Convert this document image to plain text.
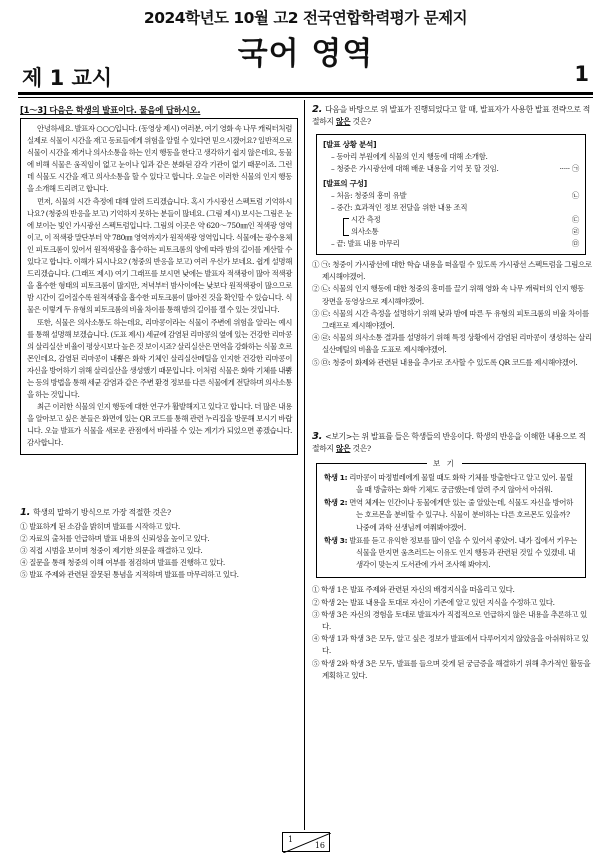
2024학년도 10월 고2 전국연합학력평가 문제지
국어 영역
제 1 교시	1
[1～3] 다음은 학생의 발표이다. 물음에 답하시오.

안녕하세요. 발표자 ○○○입니다. (동영상 제시) 여러분, 여기 영화 속 나무 캐릭터처럼 실제로 식물이 시간을 재고 동료들에게 위험을 알릴 수 있다면 믿으시겠어요? 일반적으로 식물이 시간을 재거나 의사소통을 하는 인지 행동을 한다고 생각하기 쉽지 않은데요, 동물에 비해 식물은 움직임이 없고 눈이나 입과 같은 분화된 감각 기관이 없기 때문이죠. 그런데 식물도 시간을 재고 의사소통을 할 수 있다고 합니다. 오늘은 이러한 식물의 인지 행동을 소개해 드리려고 합니다.

먼저, 식물의 시간 측정에 대해 알려 드리겠습니다. 혹시 가시광선 스펙트럼 기억하시나요? (청중의 반응을 보고) 기억하지 못하는 분들이 많네요. (그림 제시) 보시는 그림은 눈에 보이는 빛인 가시광선 스펙트럼입니다. 그림의 이곳은 약 620～750㎚인 적색광 영역이고, 이 적색광 말단부터 약 780㎚ 영역까지가 원적색광 영역입니다. 식물에는 광수용체인 피토크롬이 있어서 원적색광을 흡수하는 피토크롬의 양에 따라 밤의 길이를 계산할 수 있다고 합니다. 이해가 되시나요? (청중의 반응을 보고) 여러 우신가 보네요. 쉽게 설명해 드리겠습니다. (그래프 제시) 여기 그래프를 보시면 낮에는 발표자 적색광이 많아 적색광을 흡수한 형태의 피토크롬이 많지만, 저녁부터 밤사이에는 낮보다 원적색광이 많으므로 밤 시간이 길어질수록 원적색광을 흡수한 피토크롬이 많아진 것을 확인할 수 있습니다. 식물은 이렇게 두 유형의 피토크롬의 비율 차이를 통해 밤의 길이를 잴 수 있는 것입니다.

또한, 식물은 의사소통도 하는데요, 리마콩이라는 식물이 주변에 위험을 알리는 예시를 통해 설명해 보겠습니다. (도표 제시) 세균에 감염된 리마콩의 옆에 있는 건강한 리마콩의 살리실산 비율이 평상시보다 높은 것 보이시죠? 살리실산은 면역을 강화하는 식물 호르몬인데요, 감염된 리마콩이 내뿜은 화학 기체인 살리실산메틸을 인지한 건강한 리마콩이 자신을 방어하기 위해 살리실산을 생성했기 때문입니다. 이처럼 식물은 화학 기체를 내뿜는 등의 방법을 통해 세균 감염과 같은 주변 환경 정보를 다른 식물에게 전달하며 의사소통을 하는 것입니다.

최근 이러한 식물의 인지 행동에 대한 연구가 활발해지고 있다고 합니다. 더 많은 내용을 알아보고 싶은 분들은 화면에 있는 QR 코드를 통해 관련 누리집을 방문해 보시기 바랍니다. 오늘 발표가 식물을 새로운 관점에서 바라볼 수 있는 계기가 되었으면 좋겠습니다. 감사합니다.

1. 학생의 말하기 방식으로 가장 적절한 것은?
① 발표하게 된 소감을 밝히며 발표를 시작하고 있다.
② 자료의 출처를 언급하며 발표 내용의 신뢰성을 높이고 있다.
③ 직접 시범을 보이며 청중이 제기한 의문을 해결하고 있다.
④ 질문을 통해 청중의 이해 여부를 점검하며 발표를 진행하고 있다.
⑤ 발표 주제와 관련된 잘못된 통념을 지적하며 발표를 마무리하고 있다.
2. 다음을 바탕으로 위 발표가 진행되었다고 할 때, 발표자가 사용한 발표 전략으로 적절하지 않은 것은?
[발표 상황 분석]
– 동아리 부원에게 식물의 인지 행동에 대해 소개함.
– 청중은 가시광선에 대해 배운 내용을 기억 못 할 것임.	····· ㉠
[발표의 구성]
– 처음: 청중의 흥미 유발	㉡
– 중간: 효과적인 정보 전달을 위한 내용 조직
시간 측정	㉢
의사소통	㉣
– 끝: 발표 내용 마무리	㉤
① ㉠: 청중이 가시광선에 대한 학습 내용을 떠올릴 수 있도록 가시광선 스펙트럼을 그림으로 제시해야겠어.
② ㉡: 식물의 인지 행동에 대한 청중의 흥미를 끌기 위해 영화 속 나무 캐릭터의 인지 행동 장면을 동영상으로 제시해야겠어.
③ ㉢: 식물의 시간 측정을 설명하기 위해 낮과 밤에 따른 두 유형의 피토크롬의 비율 차이를 그래프로 제시해야겠어.
④ ㉣: 식물의 의사소통 결과를 설명하기 위해 특정 상황에서 감염된 리마콩이 생성하는 살리실산메틸의 비율을 도표로 제시해야겠어.
⑤ ㉤: 청중이 화제와 관련된 내용을 추가로 조사할 수 있도록 QR 코드를 제시해야겠어.
3. <보기>는 위 발표를 들은 학생들의 반응이다. 학생의 반응을 이해한 내용으로 적절하지 않은 것은?
보 기
학생 1: 리마콩이 따정벌레에게 물릴 때도 화학 기체를 방출한다고 알고 있어. 물릴을 때 방출하는 화학 기체도 궁금했는데 알려 주지 않아서 아쉬워.
학생 2: 면역 체계는 인간이나 동물에게만 있는 줄 알았는데, 식물도 자신을 방어하는 호르몬을 분비할 수 있구나. 식물이 분비하는 다른 호르몬도 있을까? 나중에 과학 선생님께 여쭤봐야겠어.
학생 3: 발표를 듣고 유익한 정보를 많이 얻을 수 있어서 좋았어. 내가 집에서 키우는 식물을 만지면 움츠러드는 이유도 인지 행동과 관련된 것일 수 있겠네. 내 생각이 맞는지 도서관에 가서 조사해 봐야지.
① 학생 1은 발표 주제와 관련된 자신의 배경지식을 떠올리고 있다.
② 학생 2는 발표 내용을 토대로 자신이 기존에 알고 있던 지식을 수정하고 있다.
③ 학생 3은 자신의 경험을 토대로 발표자가 직접적으로 언급하지 않은 내용을 추론하고 있다.
④ 학생 1과 학생 3은 모두, 알고 싶은 정보가 발표에서 다루어지지 않았음을 아쉬워하고 있다.
⑤ 학생 2와 학생 3은 모두, 발표를 들으며 갖게 된 궁금증을 해결하기 위해 추가적인 활동을 계획하고 있다.
1
16
